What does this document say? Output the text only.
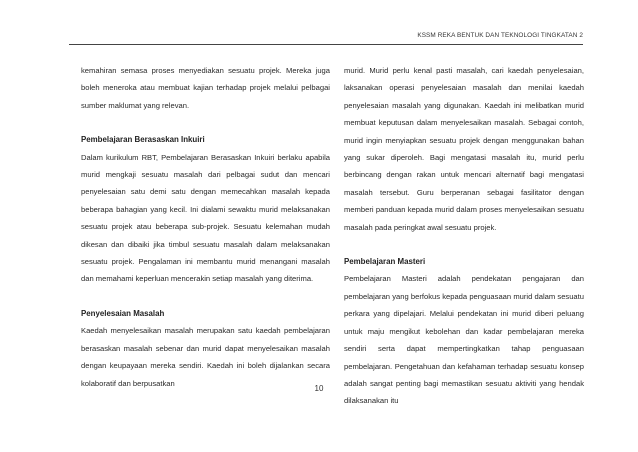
KSSM REKA BENTUK DAN TEKNOLOGI TINGKATAN 2

kemahiran semasa proses menyediakan sesuatu projek. Mereka juga boleh meneroka atau membuat kajian terhadap projek melalui pelbagai sumber maklumat yang relevan.

Pembelajaran Berasaskan Inkuiri

Dalam kurikulum RBT, Pembelajaran Berasaskan Inkuiri berlaku apabila murid mengkaji sesuatu masalah dari pelbagai sudut dan mencari penyelesaian satu demi satu dengan memecahkan masalah kepada beberapa bahagian yang kecil. Ini dialami sewaktu murid melaksanakan sesuatu projek atau beberapa sub-projek. Sesuatu kelemahan mudah dikesan dan dibaiki jika timbul sesuatu masalah dalam melaksanakan sesuatu projek. Pengalaman ini membantu murid menangani masalah dan memahami keperluan mencerakin setiap masalah yang diterima.

Penyelesaian Masalah

Kaedah menyelesaikan masalah merupakan satu kaedah pembelajaran berasaskan masalah sebenar dan murid dapat menyelesaikan masalah dengan keupayaan mereka sendiri. Kaedah ini boleh dijalankan secara kolaboratif dan berpusatkan

murid. Murid perlu kenal pasti masalah, cari kaedah penyelesaian, laksanakan operasi penyelesaian masalah dan menilai kaedah penyelesaian masalah yang digunakan. Kaedah ini melibatkan murid membuat keputusan dalam menyelesaikan masalah. Sebagai contoh, murid ingin menyiapkan sesuatu projek dengan menggunakan bahan yang sukar diperoleh. Bagi mengatasi masalah itu, murid perlu berbincang dengan rakan untuk mencari alternatif bagi mengatasi masalah tersebut. Guru berperanan sebagai fasilitator dengan memberi panduan kepada murid dalam proses menyelesaikan sesuatu masalah pada peringkat awal sesuatu projek.

Pembelajaran Masteri

Pembelajaran Masteri adalah pendekatan pengajaran dan pembelajaran yang berfokus kepada penguasaan murid dalam sesuatu perkara yang dipelajari. Melalui pendekatan ini murid diberi peluang untuk maju mengikut kebolehan dan kadar pembelajaran mereka sendiri serta dapat mempertingkatkan tahap penguasaan pembelajaran. Pengetahuan dan kefahaman terhadap sesuatu konsep adalah sangat penting bagi memastikan sesuatu aktiviti yang hendak dilaksanakan itu

10
